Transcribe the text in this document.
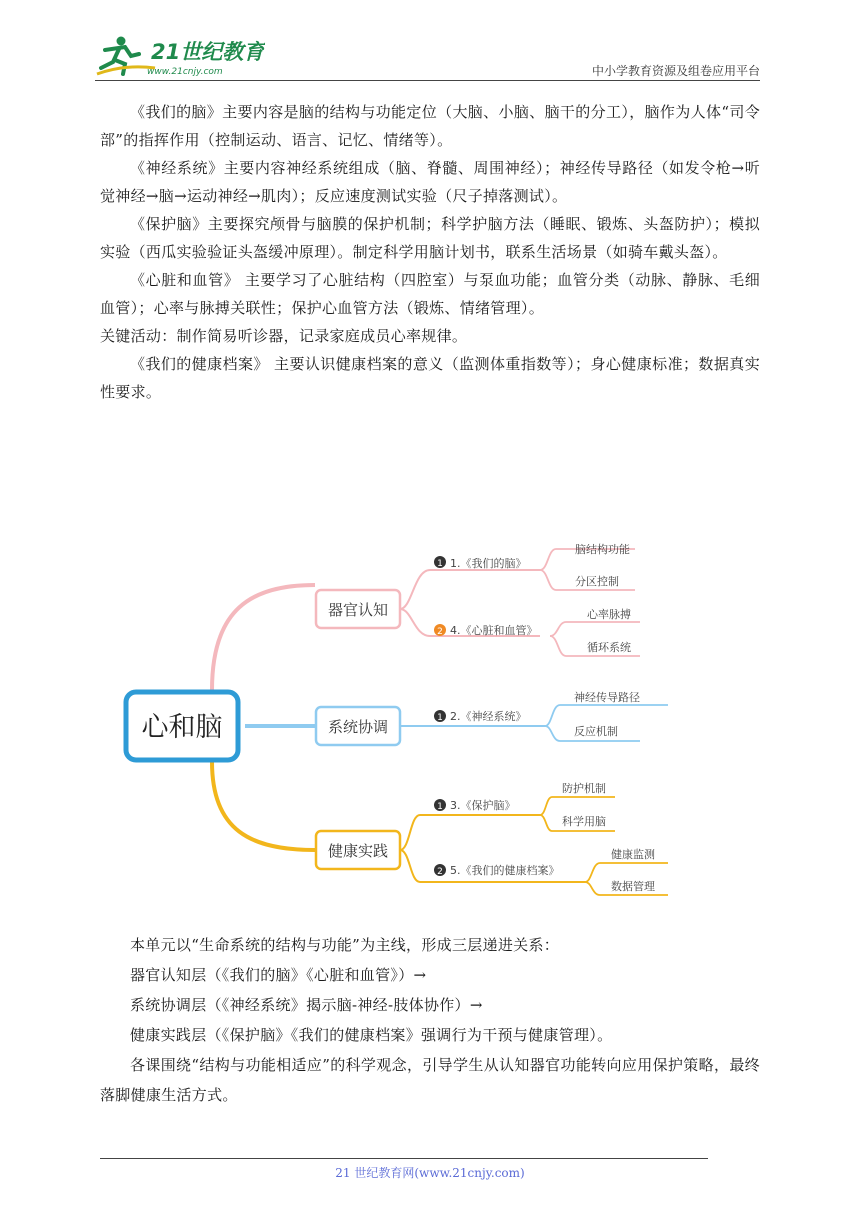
21世纪教育
www.21cnjy.com	中小学教育资源及组卷应用平台

《我们的脑》主要内容是脑的结构与功能定位（大脑、小脑、脑干的分工），脑作为人体“司令部”的指挥作用（控制运动、语言、记忆、情绪等）。

《神经系统》主要内容神经系统组成（脑、脊髓、周围神经）；神经传导路径（如发令枪→听觉神经→脑→运动神经→肌肉）；反应速度测试实验（尺子掉落测试）。

《保护脑》主要探究颅骨与脑膜的保护机制；科学护脑方法（睡眠、锻炼、头盔防护）；模拟实验（西瓜实验验证头盔缓冲原理）。制定科学用脑计划书，联系生活场景（如骑车戴头盔）。

《心脏和血管》 主要学习了心脏结构（四腔室）与泵血功能；血管分类（动脉、静脉、毛细血管）；心率与脉搏关联性；保护心血管方法（锻炼、情绪管理）。

关键活动：制作简易听诊器，记录家庭成员心率规律。

《我们的健康档案》 主要认识健康档案的意义（监测体重指数等）；身心健康标准；数据真实性要求。

心和脑
器官认知
1 1.《我们的脑》
脑结构功能
分区控制
2 4.《心脏和血管》
心率脉搏
循环系统
系统协调	1 2.《神经系统》
神经传导路径
反应机制
健康实践
1 3.《保护脑》
防护机制
科学用脑
2 5.《我们的健康档案》
健康监测
数据管理

本单元以“生命系统的结构与功能”为主线，形成三层递进关系：

器官认知层（《我们的脑》《心脏和血管》）→

系统协调层（《神经系统》揭示脑-神经-肢体协作）→

健康实践层（《保护脑》《我们的健康档案》强调行为干预与健康管理）。

各课围绕“结构与功能相适应”的科学观念，引导学生从认知器官功能转向应用保护策略，最终落脚健康生活方式。

21 世纪教育网(www.21cnjy.com)
